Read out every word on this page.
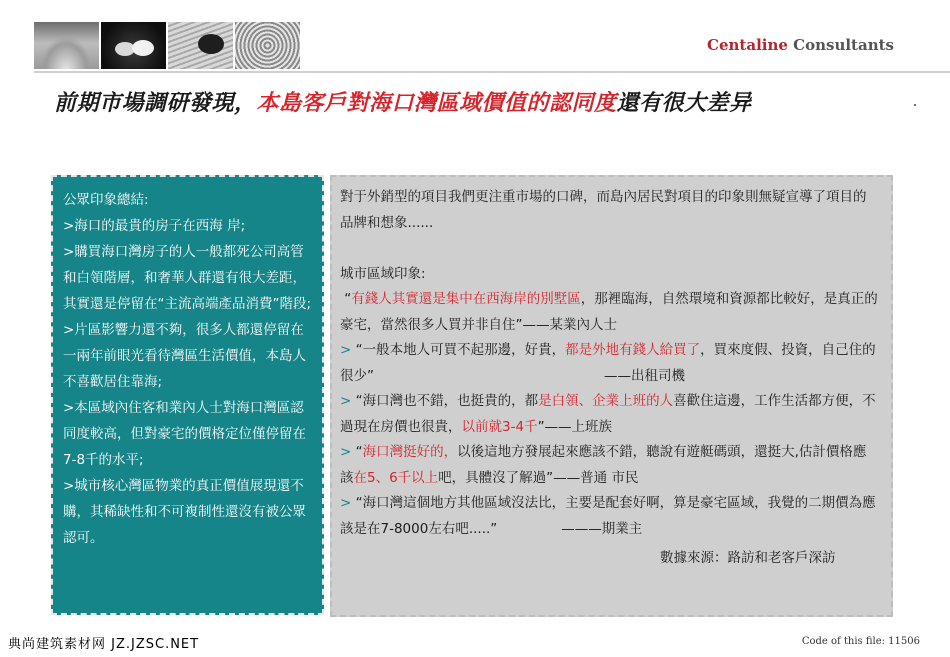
Centaline Consultants
前期市場調研發現，本島客戶對海口灣區域價值的認同度還有很大差异

公眾印象總結:

>海口的最貴的房子在西海 岸;

>購買海口灣房子的人一般都死公司高管和白領階層，和奢華人群還有很大差距，其實還是停留在“主流高端產品消費”階段;

>片區影響力還不夠，很多人都還停留在一兩年前眼光看待灣區生活價值，本島人不喜歡居住靠海;

>本區域內住客和業內人士對海口灣區認同度較高，但對豪宅的價格定位僅停留在7-8千的水平;

>城市核心灣區物業的真正價值展現還不購，其稀缺性和不可複制性還沒有被公眾認可。

對于外銷型的項目我們更注重市場的口碑，而島內居民對項目的印象則無疑宣導了項目的品牌和想象......

城市區域印象:

“有錢人其實還是集中在西海岸的別墅區，那裡臨海，自然環境和資源都比較好，是真正的豪宅，當然很多人買并非自住”——某業內人士

> “一般本地人可買不起那邊，好貴，都是外地有錢人給買了，買來度假、投資，自己住的很少”	——出租司機

> “海口灣也不錯，也挺貴的，都是白領、企業上班的人喜歡住這邊，工作生活都方便，不過現在房價也很貴，以前就3-4千”——上班族

> “海口灣挺好的，以後這地方發展起來應該不錯，聽說有遊艇碼頭，還挺大,估計價格應該在5、6千以上吧，具體沒了解過”——普通 市民

> “海口灣這個地方其他區域沒法比，主要是配套好啊，算是豪宅區域，我覺的二期價為應該是在7-8000左右吧.....”	———期業主

數據來源：路訪和老客戶深訪

典尚建筑素材网 JZ.JZSC.NET	Code of this file: 11506
